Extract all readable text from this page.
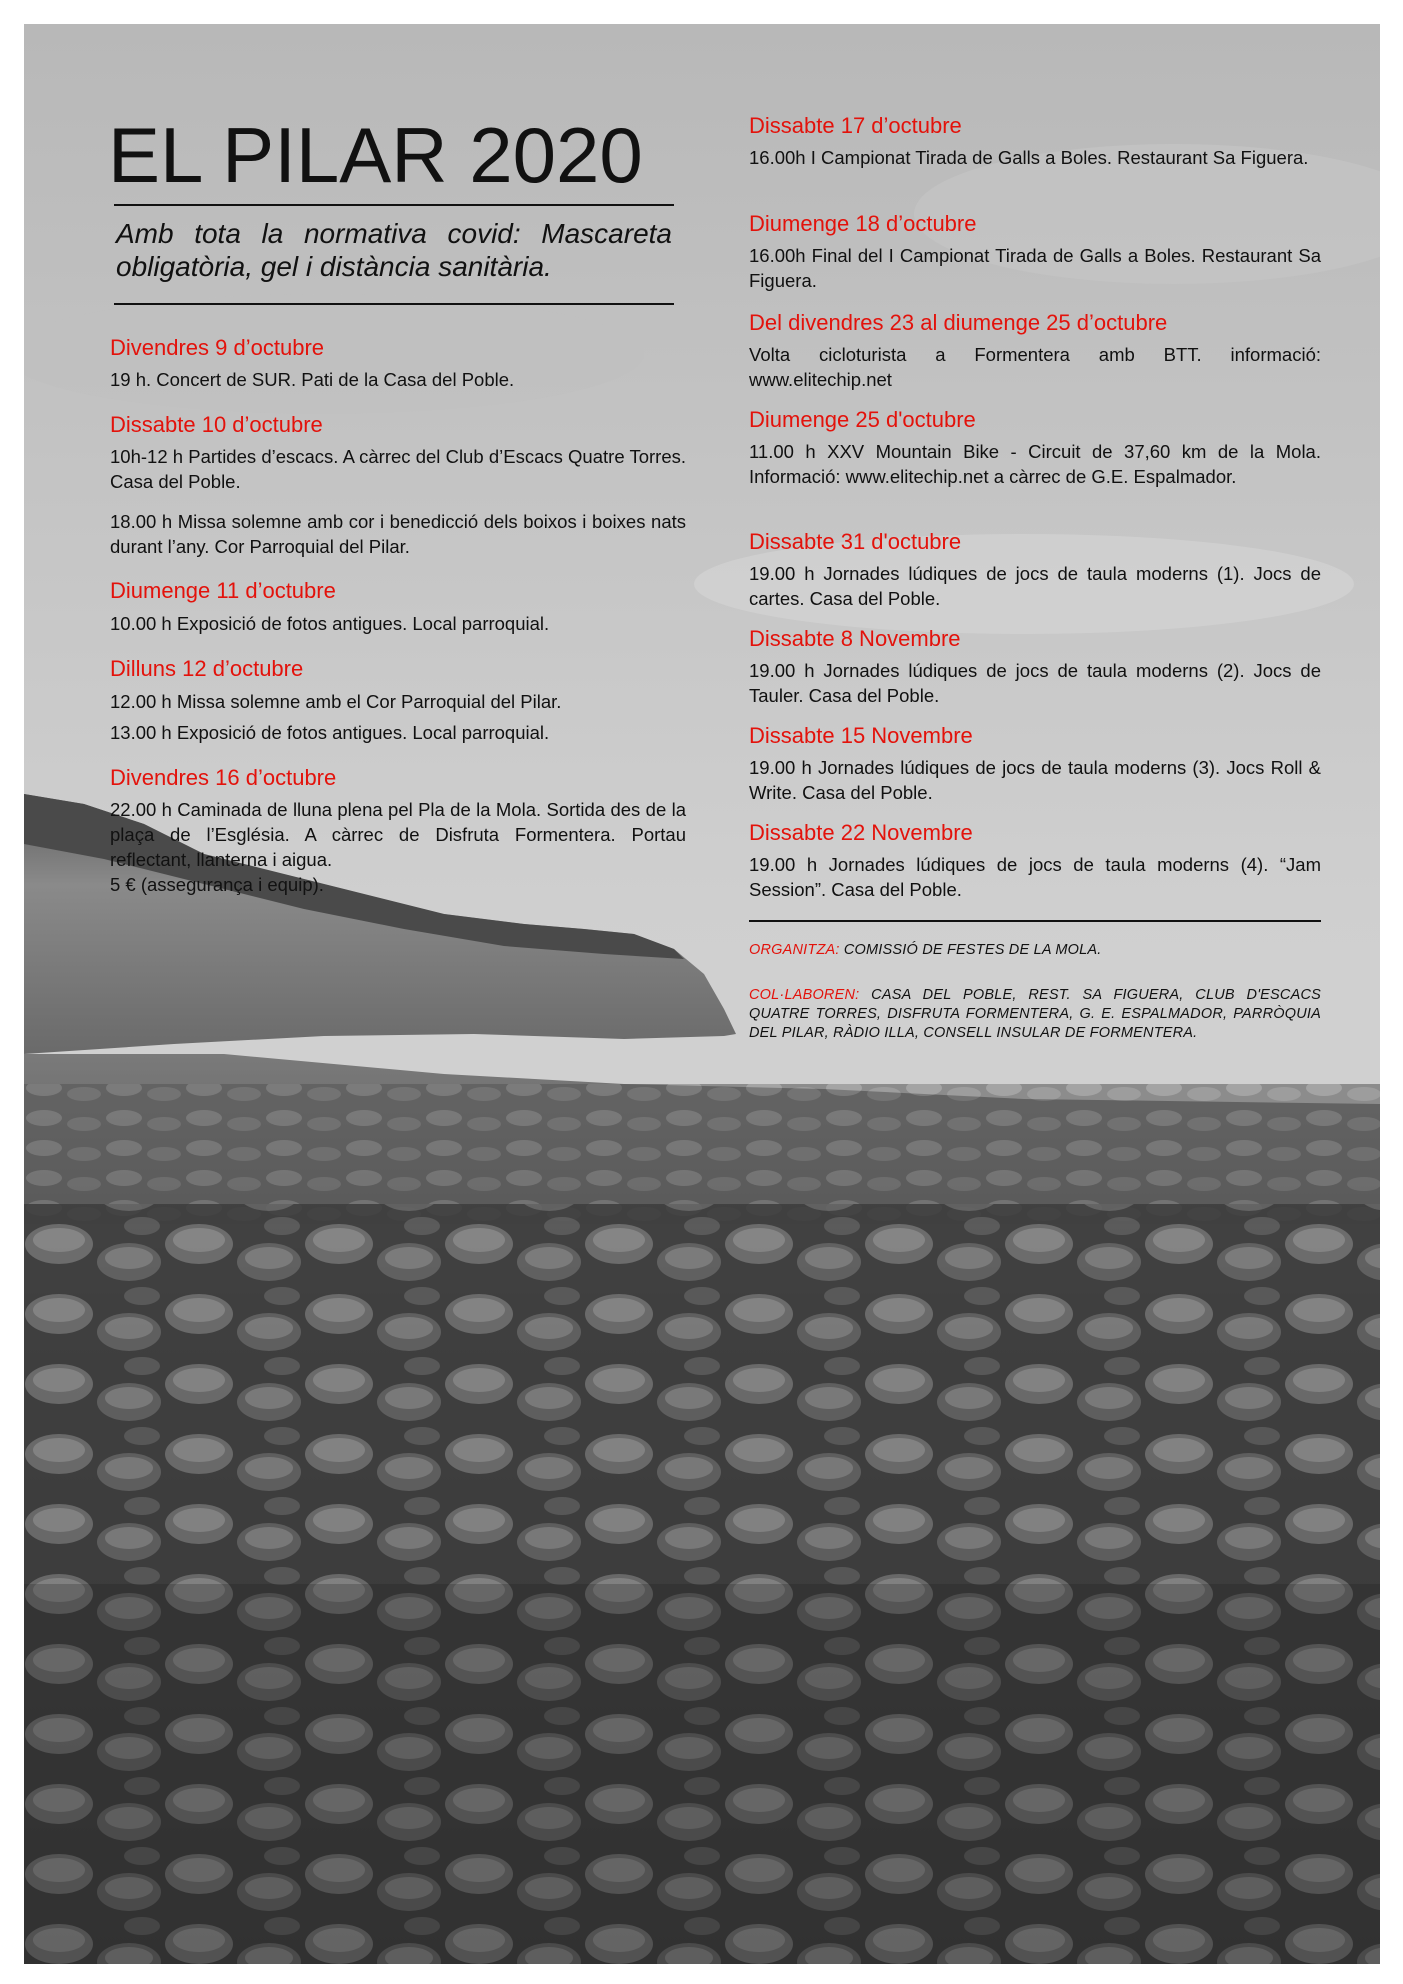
EL PILAR 2020

Amb tota la normativa covid: Mascareta obligatòria, gel i distància sanitària.

Divendres 9 d’octubre

19 h. Concert de SUR. Pati de la Casa del Poble.

Dissabte 10 d’octubre

10h-12 h Partides d’escacs. A càrrec del Club d’Escacs Quatre Torres. Casa del Poble.

18.00 h Missa solemne amb cor i benedicció dels boixos i boixes nats durant l’any. Cor Parroquial del Pilar.

Diumenge 11 d’octubre

10.00 h Exposició de fotos antigues. Local parroquial.

Dilluns 12 d’octubre

12.00 h Missa solemne amb el Cor Parroquial del Pilar.

13.00 h Exposició de fotos antigues. Local parroquial.

Divendres 16 d’octubre

22.00 h Caminada de lluna plena pel Pla de la Mola. Sortida des de la plaça de l’Església. A càrrec de Disfruta Formentera. Portau reflectant, llanterna i aigua.

5 € (assegurança i equip).

Dissabte 17 d’octubre

16.00h I Campionat Tirada de Galls a Boles. Restaurant Sa Figuera.

Diumenge 18 d’octubre

16.00h Final del I Campionat Tirada de Galls a Boles. Restaurant Sa Figuera.

Del divendres 23 al diumenge 25 d’octubre

Volta cicloturista a Formentera amb BTT. informació: www.elitechip.net

Diumenge 25 d'octubre

11.00 h XXV Mountain Bike - Circuit de 37,60 km de la Mola. Informació: www.elitechip.net a càrrec de G.E. Espalmador.

Dissabte 31 d'octubre

19.00 h Jornades lúdiques de jocs de taula moderns (1). Jocs de cartes. Casa del Poble.

Dissabte 8 Novembre

19.00 h Jornades lúdiques de jocs de taula moderns (2). Jocs de Tauler. Casa del Poble.

Dissabte 15 Novembre

19.00 h Jornades lúdiques de jocs de taula moderns (3). Jocs Roll & Write. Casa del Poble.

Dissabte 22 Novembre

19.00 h Jornades lúdiques de jocs de taula moderns (4). “Jam Session”. Casa del Poble.

ORGANITZA: COMISSIÓ DE FESTES DE LA MOLA.

COL·LABOREN: CASA DEL POBLE, REST. SA FIGUERA, CLUB D'ESCACS QUATRE TORRES, DISFRUTA FORMENTERA, G. E. ESPALMADOR, PARRÒQUIA DEL PILAR, RÀDIO ILLA, CONSELL INSULAR DE FORMENTERA.
